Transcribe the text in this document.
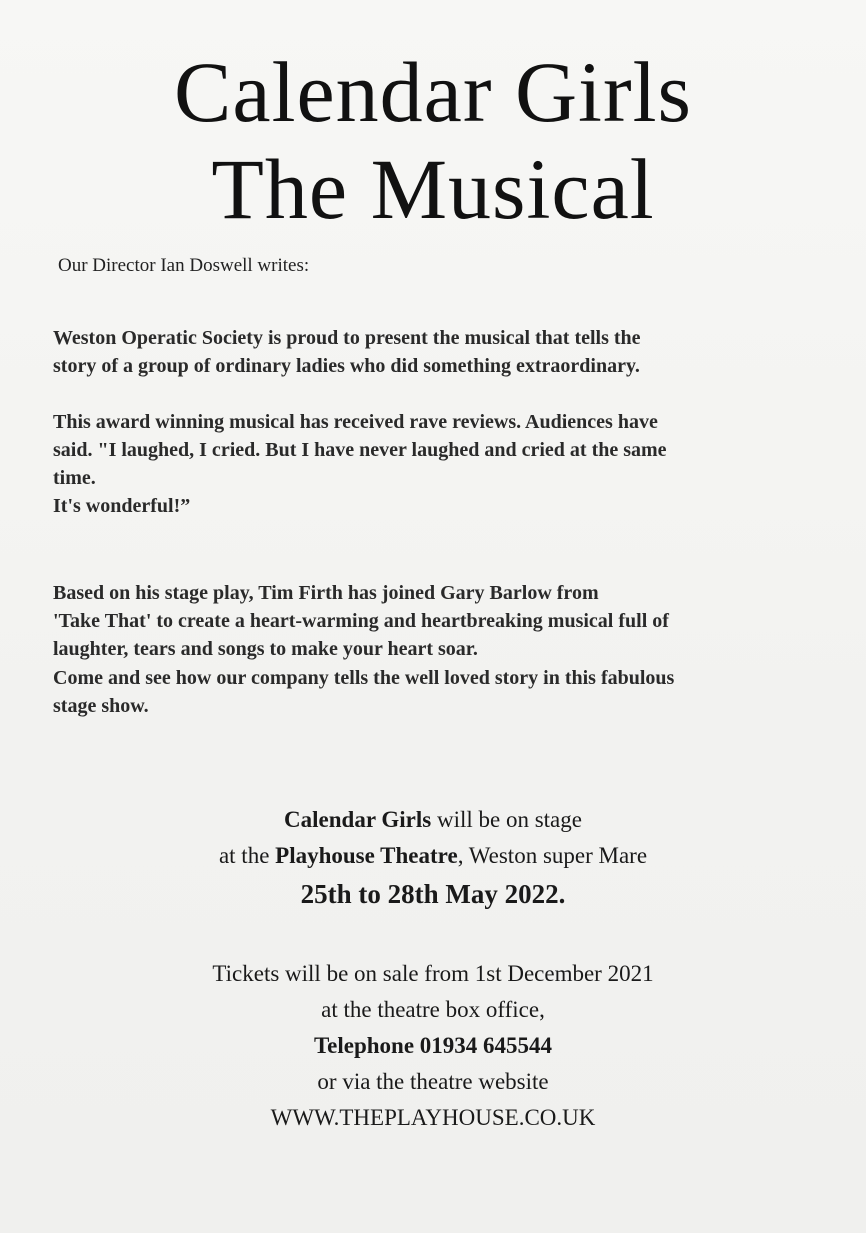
Calendar Girls
The Musical
Our Director Ian Doswell writes:
Weston Operatic Society is proud to present the musical that tells the
story of a group of ordinary ladies who did something extraordinary.
This award winning musical has received rave reviews. Audiences have
said. "I laughed, I cried. But I have never laughed and cried at the same
time.
It's wonderful!”
Based on his stage play, Tim Firth has joined Gary Barlow from
'Take That' to create a heart-warming and heartbreaking musical full of
laughter, tears and songs to make your heart soar.
Come and see how our company tells the well loved story in this fabulous
stage show.
Calendar Girls will be on stage
at the Playhouse Theatre, Weston super Mare
25th to 28th May 2022.
Tickets will be on sale from 1st December 2021
at the theatre box office,
Telephone 01934 645544
or via the theatre website
WWW.THEPLAYHOUSE.CO.UK
